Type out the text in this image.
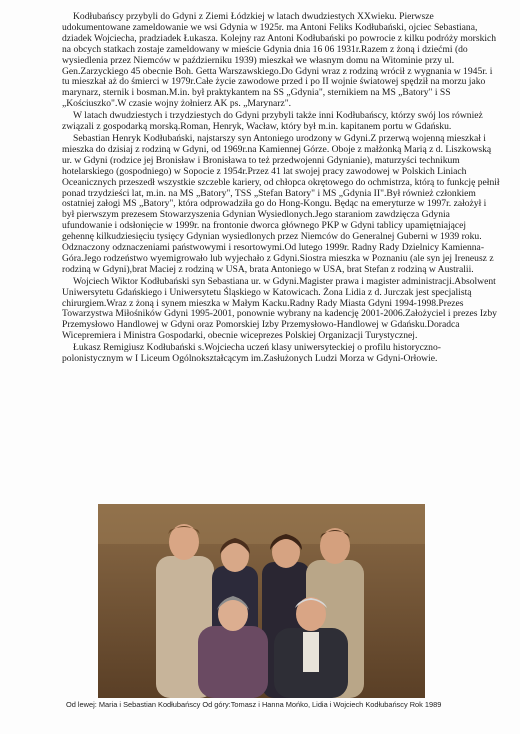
Kodłubańscy przybyli do Gdyni z Ziemi Łódzkiej w latach dwudziestych XXwieku. Pierwsze udokumentowane zameldowanie we wsi Gdynia w 1925r. ma Antoni Feliks Kodłubański, ojciec Sebastiana, dziadek Wojciecha, pradziadek Łukasza. Kolejny raz Antoni Kodłubański po powrocie z kilku podróży morskich na obcych statkach zostaje zameldowany w mieście Gdynia dnia 16 06 1931r.Razem z żoną i dziećmi (do wysiedlenia przez Niemców w październiku 1939) mieszkał we własnym domu na Witominie przy ul. Gen.Zarzyckiego 45 obecnie Boh. Getta Warszawskiego.Do Gdyni wraz z rodziną wrócił z wygnania w 1945r. i tu mieszkał aż do śmierci w 1979r.Całe życie zawodowe przed i po II wojnie światowej spędził na morzu jako marynarz, sternik i bosman.M.in. był praktykantem na SS „Gdynia", sternikiem na MS „Batory" i SS „Kościuszko".W czasie wojny żołnierz AK ps. „Marynarz".

W latach dwudziestych i trzydziestych do Gdyni przybyli także inni Kodłubańscy, którzy swój los również związali z gospodarką morską.Roman, Henryk, Wacław, który był m.in. kapitanem portu w Gdańsku.

Sebastian Henryk Kodłubański, najstarszy syn Antoniego urodzony w Gdyni.Z przerwą wojenną mieszkał i mieszka do dzisiaj z rodziną w Gdyni, od 1969r.na Kamiennej Górze. Oboje z małżonką Marią z d. Liszkowską ur. w Gdyni (rodzice jej Bronisław i Bronisława to też przedwojenni Gdynianie), maturzyści technikum hotelarskiego (gospodniego) w Sopocie z 1954r.Przez 41 lat swojej pracy zawodowej w Polskich Liniach Oceanicznych przeszedł wszystkie szczeble kariery, od chłopca okrętowego do ochmistrza, którą to funkcję pełnił ponad trzydzieści lat, m.in. na MS „Batory", TSS „Stefan Batory" i MS „Gdynia II".Był również członkiem ostatniej załogi MS „Batory", która odprowadziła go do Hong-Kongu. Będąc na emeryturze w 1997r. założył i był pierwszym prezesem Stowarzyszenia Gdynian Wysiedlonych.Jego staraniom zawdzięcza Gdynia ufundowanie i odsłonięcie w 1999r. na frontonie dworca głównego PKP w Gdyni tablicy upamiętniającej gehennę kilkudziesięciu tysięcy Gdynian wysiedlonych przez Niemców do Generalnej Guberni w 1939 roku. Odznaczony odznaczeniami państwowymi i resortowymi.Od lutego 1999r. Radny Rady Dzielnicy Kamienna-Góra.Jego rodzeństwo wyemigrowało lub wyjechało z Gdyni.Siostra mieszka w Poznaniu (ale syn jej Ireneusz z rodziną w Gdyni),brat Maciej z rodziną w USA, brata Antoniego w USA, brat Stefan z rodziną w Australii.

Wojciech Wiktor Kodłubański syn Sebastiana ur. w Gdyni.Magister prawa i magister administracji.Absolwent Uniwersytetu Gdańskiego i Uniwersytetu Śląskiego w Katowicach. Żona Lidia z d. Jurczak jest specjalistą chirurgiem.Wraz z żoną i synem mieszka w Małym Kacku.Radny Rady Miasta Gdyni 1994-1998.Prezes Towarzystwa Miłośników Gdyni 1995-2001, ponownie wybrany na kadencję 2001-2006.Założyciel i prezes Izby Przemysłowo Handlowej w Gdyni oraz Pomorskiej Izby Przemysłowo-Handlowej w Gdańsku.Doradca Wicepremiera i Ministra Gospodarki, obecnie wiceprezes Polskiej Organizacji Turystycznej.

Łukasz Remigiusz Kodłubański s.Wojciecha uczeń klasy uniwersyteckiej o profilu historyczno-polonistycznym w I Liceum Ogólnokształcącym im.Zasłużonych Ludzi Morza w Gdyni-Orłowie.

Od lewej: Maria i Sebastian Kodłubańscy Od góry:Tomasz i Hanna Mońko, Lidia i Wojciech Kodłubańscy Rok 1989
